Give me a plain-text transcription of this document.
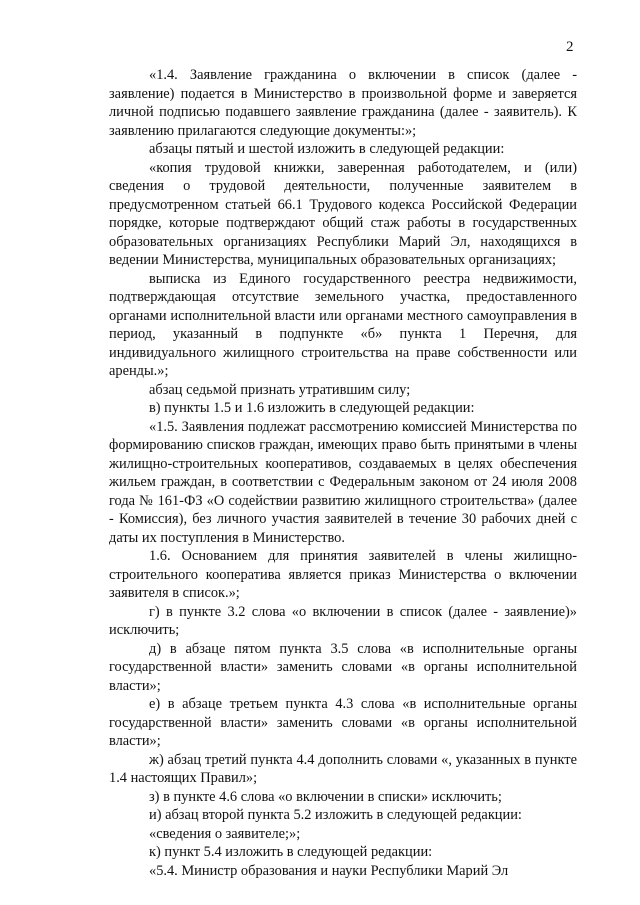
2

«1.4. Заявление гражданина о включении в список (далее - заявление) подается в Министерство в произвольной форме и заверяется личной подписью подавшего заявление гражданина (далее - заявитель). К заявлению прилагаются следующие документы:»;

абзацы пятый и шестой изложить в следующей редакции:

«копия трудовой книжки, заверенная работодателем, и (или) сведения о трудовой деятельности, полученные заявителем в предусмотренном статьей 66.1 Трудового кодекса Российской Федерации порядке, которые подтверждают общий стаж работы в государственных образовательных организациях Республики Марий Эл, находящихся в ведении Министерства, муниципальных образовательных организациях;

выписка из Единого государственного реестра недвижимости, подтверждающая отсутствие земельного участка, предоставленного органами исполнительной власти или органами местного самоуправления в период, указанный в подпункте «б» пункта 1 Перечня, для индивидуального жилищного строительства на праве собственности или аренды.»;

абзац седьмой признать утратившим силу;

в) пункты 1.5 и 1.6 изложить в следующей редакции:

«1.5. Заявления подлежат рассмотрению комиссией Министерства по формированию списков граждан, имеющих право быть принятыми в члены жилищно-строительных кооперативов, создаваемых в целях обеспечения жильем граждан, в соответствии с Федеральным законом от 24 июля 2008 года № 161-ФЗ «О содействии развитию жилищного строительства» (далее - Комиссия), без личного участия заявителей в течение 30 рабочих дней с даты их поступления в Министерство.

1.6. Основанием для принятия заявителей в члены жилищно-строительного кооператива является приказ Министерства о включении заявителя в список.»;

г) в пункте 3.2 слова «о включении в список (далее - заявление)» исключить;

д) в абзаце пятом пункта 3.5 слова «в исполнительные органы государственной власти» заменить словами «в органы исполнительной власти»;

е) в абзаце третьем пункта 4.3 слова «в исполнительные органы государственной власти» заменить словами «в органы исполнительной власти»;

ж) абзац третий пункта 4.4 дополнить словами «, указанных в пункте 1.4 настоящих Правил»;

з) в пункте 4.6 слова «о включении в списки» исключить;

и) абзац второй пункта 5.2 изложить в следующей редакции:

«сведения о заявителе;»;

к) пункт 5.4 изложить в следующей редакции:

«5.4. Министр образования и науки Республики Марий Эл
